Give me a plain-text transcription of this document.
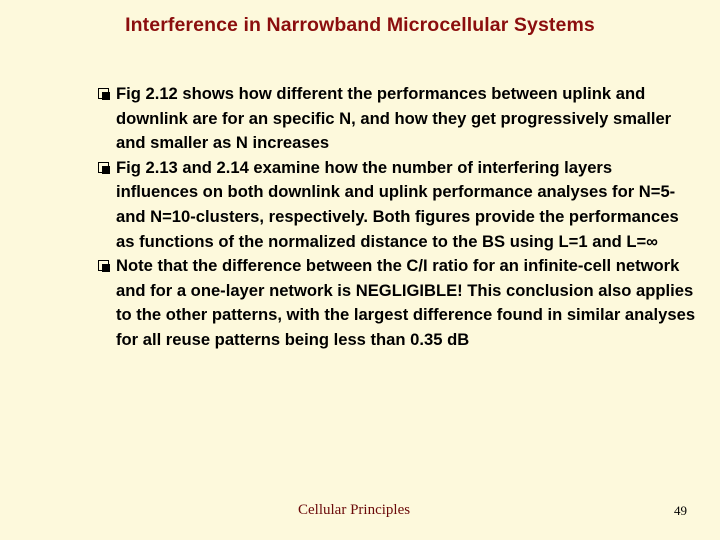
Interference in Narrowband Microcellular Systems
Fig 2.12 shows how different the performances between uplink and downlink are for an specific N, and how they get progressively smaller and smaller as N increases
Fig 2.13 and 2.14 examine how the number of interfering layers influences on both downlink and uplink performance analyses for N=5- and N=10-clusters, respectively. Both figures provide the performances as functions of the normalized distance to the BS using L=1 and L=∞
Note that the difference between the C/I ratio for an infinite-cell network and for a one-layer network is NEGLIGIBLE! This conclusion also applies to the other patterns, with the largest difference found in similar analyses for all reuse patterns being less than 0.35 dB
Cellular Principles	49
